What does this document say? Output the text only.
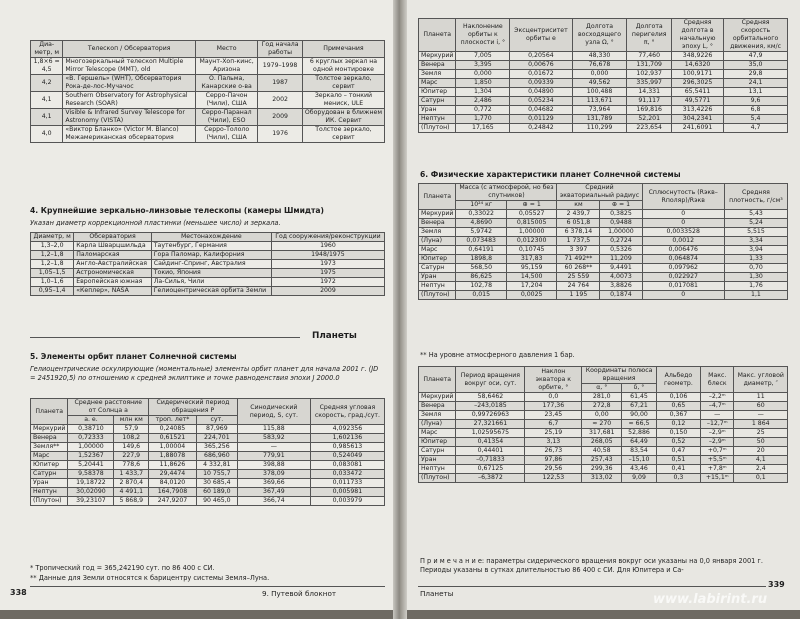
Диа-метр, м	Телескоп / Обсерватория	Место	Год начала работы	Примечания
1,8×6 = 4,5	Многозеркальный телескоп Multiple Mirror Telescope (MMT), old	Маунт-Хоп-кинс, Аризона	1979–1998	6 круглых зеркал на одной монтировке
4,2	«В. Гершель» (WHT), Обсерватория Рока-де-лос-Мучачос	О. Пальма, Канарские о-ва	1987	Толстое зеркало, сервит
4,1	Southern Observatory for Astrophysical Research (SOAR)	Серро-Пачон (Чили), США	2002	Зеркало – тонкий мениск, ULE
4,1	Visible & Infrared Survey Telescope for Astronomy (VISTA)	Серро-Паранал (Чили), ESO	2009	Оборудован в ближнем ИК. Сервит
4,0	«Виктор Бланко» (Victor M. Blanco) Межамериканская обсерватория	Серро-Тололо (Чили), США	1976	Толстое зеркало, сервит
4. Крупнейшие зеркально-линзовые телескопы (камеры Шмидта)
Указан диаметр коррекционной пластинки (меньшее число) и зеркала.
Диаметр, м	Обсерватория	Местонахождение	Год сооружения/реконструкции
1,3–2,0	Карла Шварцшильда	Таутенбург, Германия	1960
1,2–1,8	Паломарская	Гора Паломар, Калифорния	1948/1975
1,2–1,8	Англо-Австралийская	Сайдинг-Спринг, Австралия	1973
1,05–1,5	Астрономическая	Токио, Япония	1975
1,0–1,6	Европейская южная	Ла-Силья, Чили	1972
0,95–1,4	«Кеплер», NASA	Гелиоцентрическая орбита Земли	2009
Планеты
5. Элементы орбит планет Солнечной системы
Гелиоцентрические оскулирующие (моментальные) элементы орбит планет для начала 2001 г. (JD = 2451920,5) по отношению к средней эклиптике и точке равноденствия эпохи J 2000.0
Планета	Среднее расстояние от Солнца a		Сидерический период обращения P		Синодический период, S, сут.	Средняя угловая скорость, град./сут.
	а. е.	млн км	троп. лет*	сут.		
Меркурий	0,38710	57,9	0,24085	87,969	115,88	4,092356
Венера	0,72333	108,2	0,61521	224,701	583,92	1,602136
Земля**	1,00000	149,6	1,00004	365,256	—	0,985613
Марс	1,52367	227,9	1,88078	686,960	779,91	0,524049
Юпитер	5,20441	778,6	11,8626	4 332,81	398,88	0,083081
Сатурн	9,58378	1 433,7	29,4474	10 755,7	378,09	0,033472
Уран	19,18722	2 870,4	84,0120	30 685,4	369,66	0,011733
Нептун	30,02090	4 491,1	164,7908	60 189,0	367,49	0,005981
(Плутон)	39,23107	5 868,9	247,9207	90 465,0	366,74	0,003979
* Тропический год = 365,242190 сут. по 86 400 с СИ.
** Данные для Земли относятся к барицентру системы Земля–Луна.
338	9. Путевой блокнот
Планета	Наклонение орбиты к плоскости i, °	Эксцентриситет орбиты e	Долгота восходящего узла Ω, °	Долгота перигелия π, °	Средняя долгота в начальную эпоху L, °	Средняя скорость орбитального движения, км/с
Меркурий	7,005	0,20564	48,330	77,460	348,9226	47,9
Венера	3,395	0,00676	76,678	131,709	14,6320	35,0
Земля	0,000	0,01672	0,000	102,937	100,9171	29,8
Марс	1,850	0,09339	49,562	335,997	296,3025	24,1
Юпитер	1,304	0,04890	100,488	14,331	65,5411	13,1
Сатурн	2,486	0,05234	113,671	91,117	49,5771	9,6
Уран	0,772	0,04682	73,964	169,816	313,4226	6,8
Нептун	1,770	0,01129	131,789	52,201	304,2341	5,4
(Плутон)	17,165	0,24842	110,299	223,654	241,6091	4,7
6. Физические характеристики планет Солнечной системы
Планета	Масса (с атмосферой, но без спутников)		Средний экваториальный радиус		Сплюснутость (Rэкв–Rполяр)/Rэкв	Средняя плотность, г/см³
	10²⁴ кг	⊕ = 1	км	⊕ = 1		
Меркурий	0,33022	0,05527	2 439,7	0,3825	0	5,43
Венера	4,8690	0,815005	6 051,8	0,9488	0	5,24
Земля	5,9742	1,00000	6 378,14	1,00000	0,0033528	5,515
(Луна)	0,073483	0,012300	1 737,5	0,2724	0,0012	3,34
Марс	0,64191	0,10745	3 397	0,5326	0,006476	3,94
Юпитер	1898,8	317,83	71 492**	11,209	0,064874	1,33
Сатурн	568,50	95,159	60 268**	9,4491	0,097962	0,70
Уран	86,625	14,500	25 559	4,0073	0,022927	1,30
Нептун	102,78	17,204	24 764	3,8826	0,017081	1,76
(Плутон)	0,015	0,0025	1 195	0,1874	0	1,1
** На уровне атмосферного давления 1 бар.
Планета	Период вращения вокруг оси, сут.	Наклон экватора к орбите, °	Координаты полюса вращения		Альбедо геометр.	Макс. блеск	Макс. угловой диаметр, ″
			α, °	δ, °			
Меркурий	58,6462	0,0	281,0	61,45	0,106	–2,2ᵐ	11
Венера	–243,0185	177,36	272,8	67,21	0,65	–4,7ᵐ	60
Земля	0,99726963	23,45	0,00	90,00	0,367	—	—
(Луна)	27,321661	6,7	≈ 270	≈ 66,5	0,12	–12,7ᵐ	1 864
Марс	1,02595675	25,19	317,681	52,886	0,150	–2,9ᵐ	25
Юпитер	0,41354	3,13	268,05	64,49	0,52	–2,9ᵐ	50
Сатурн	0,44401	26,73	40,58	83,54	0,47	+0,7ᵐ	20
Уран	–0,71833	97,86	257,43	–15,10	0,51	+5,5ᵐ	4,1
Нептун	0,67125	29,56	299,36	43,46	0,41	+7,8ᵐ	2,4
(Плутон)	–6,3872	122,53	313,02	9,09	0,3	+15,1ᵐ	0,1
П р и м е ч а н и е: параметры сидерического вращения вокруг оси указаны на 0,0 января 2001 г. Периоды указаны в сутках длительностью 86 400 с СИ. Для Юпитера и Са-
Планеты
339
www.labirint.ru
